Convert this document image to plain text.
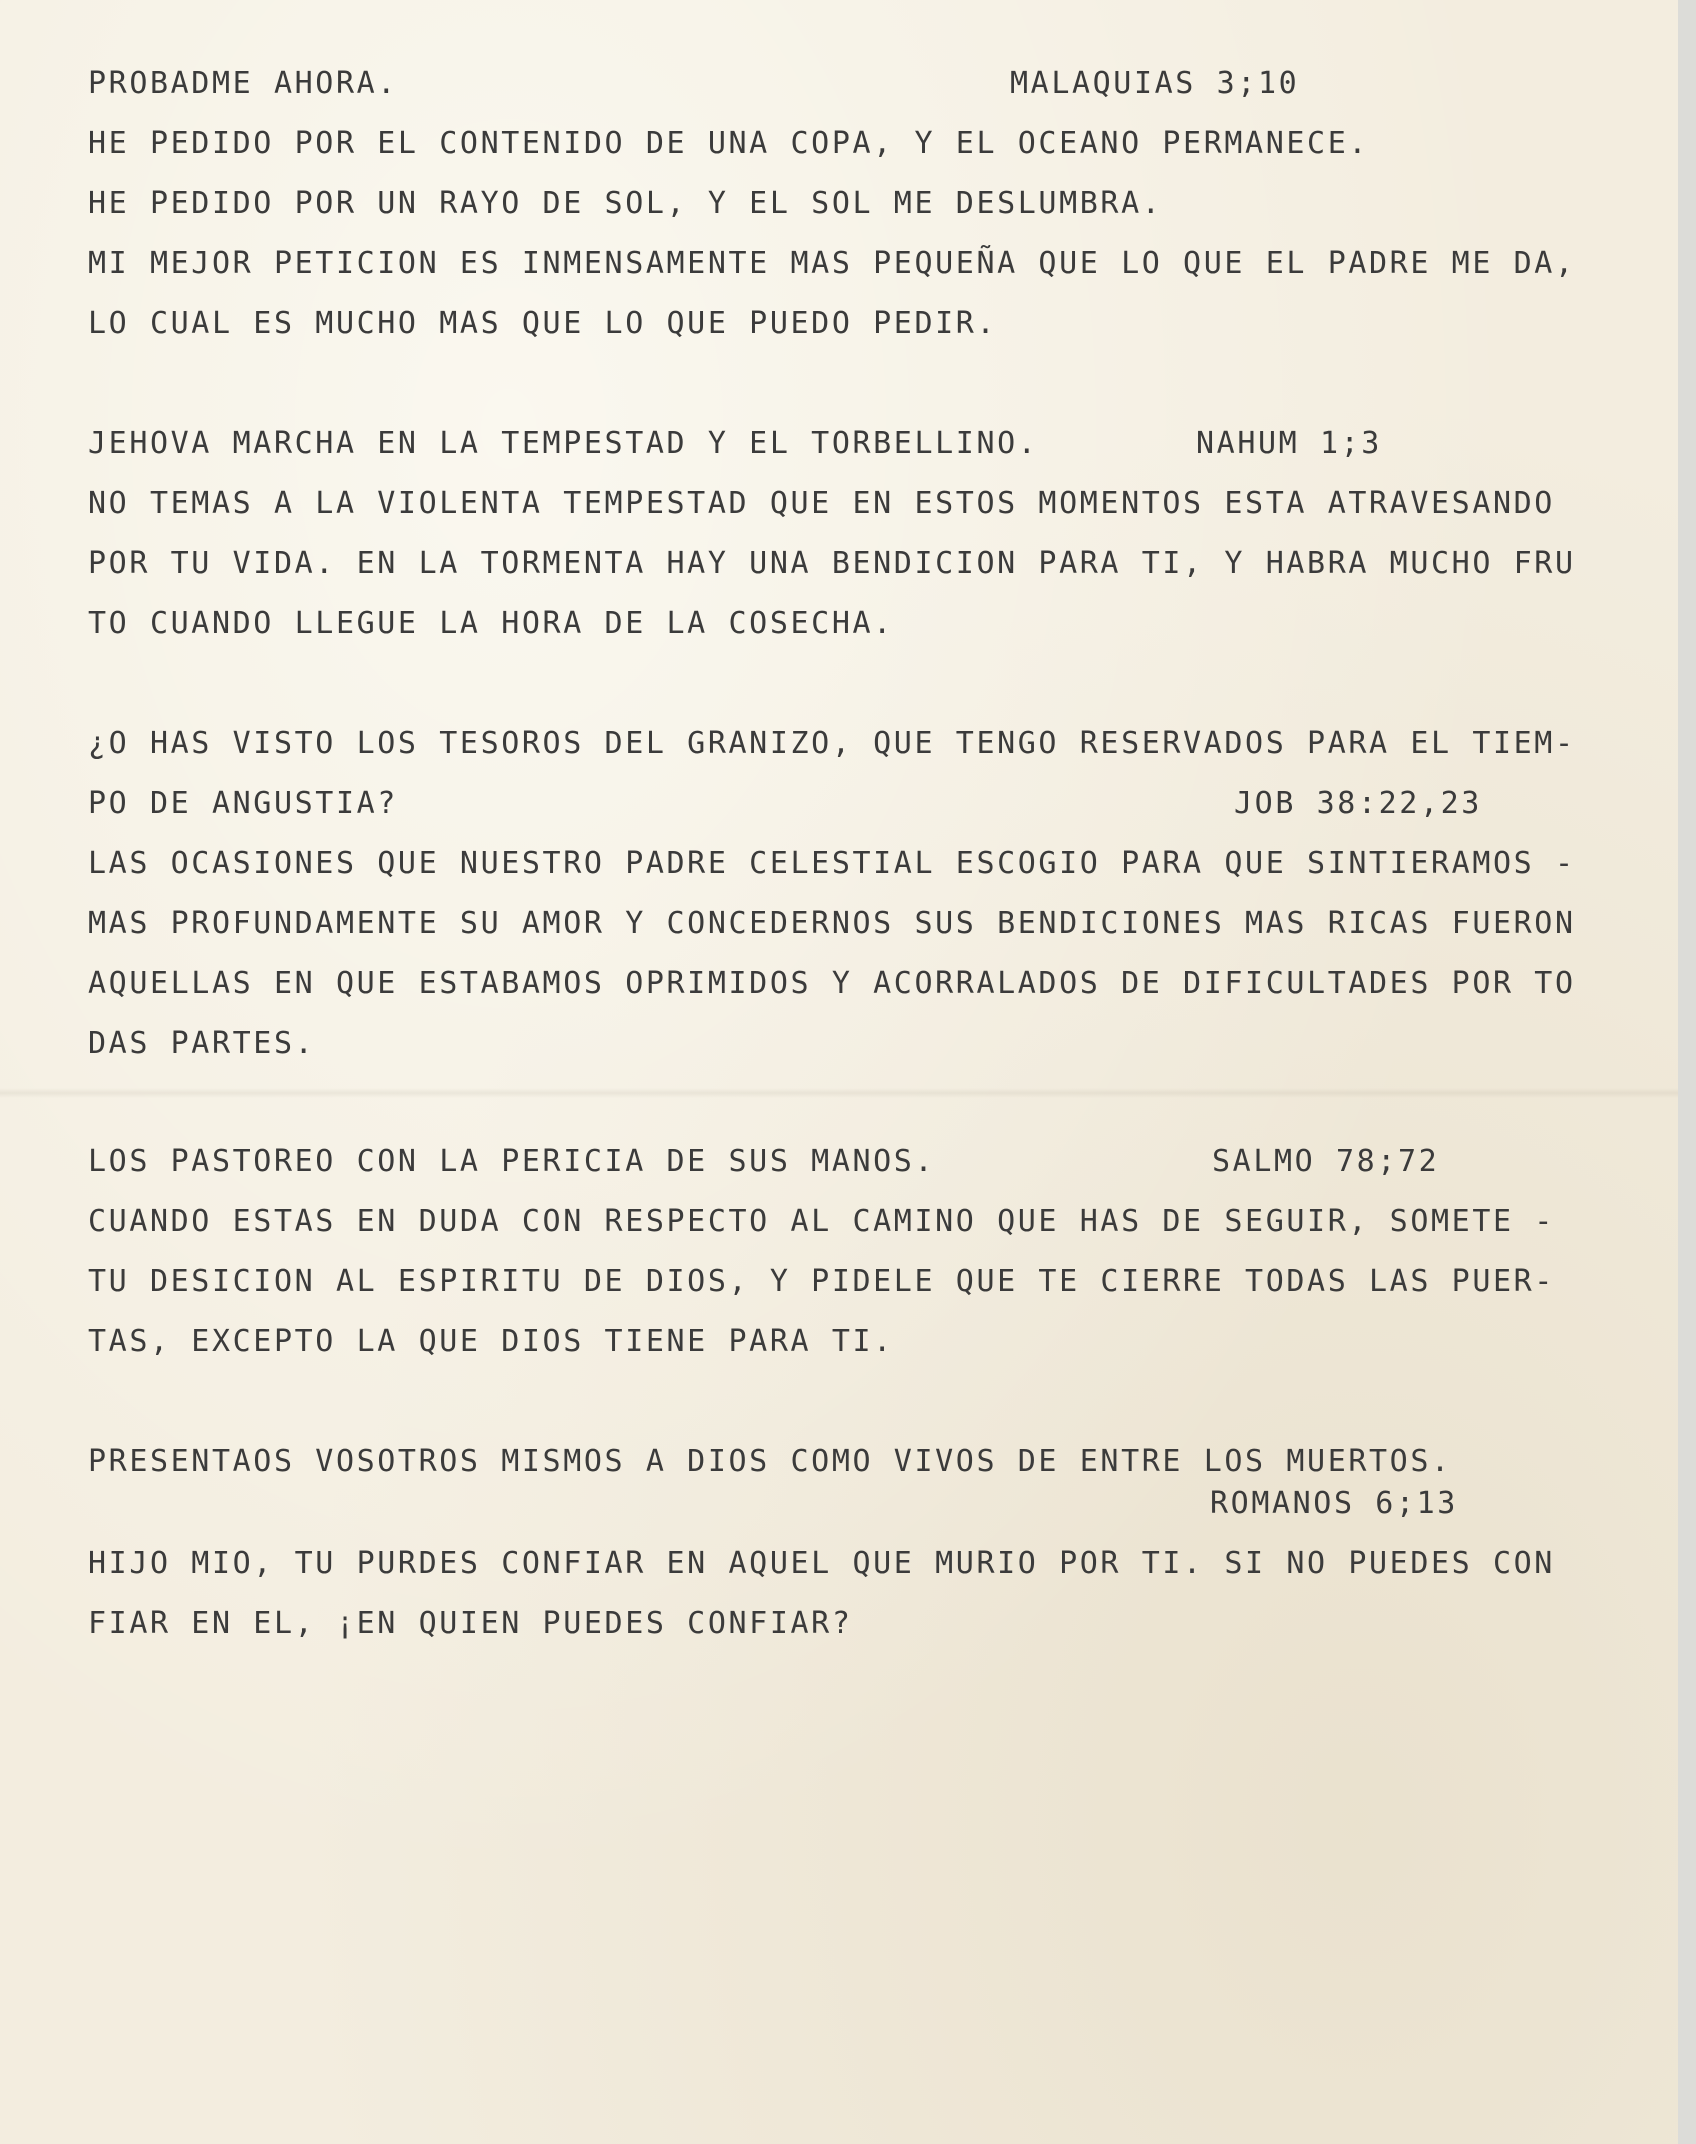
PROBADME AHORA.	MALAQUIAS 3;10

HE PEDIDO POR EL CONTENIDO DE UNA COPA, Y EL OCEANO PERMANECE.

HE PEDIDO POR UN RAYO DE SOL, Y EL SOL ME DESLUMBRA.

MI MEJOR PETICION ES INMENSAMENTE MAS PEQUEÑA QUE LO QUE EL PADRE ME DA,

LO CUAL ES MUCHO MAS QUE LO QUE PUEDO PEDIR.

JEHOVA MARCHA EN LA TEMPESTAD Y EL TORBELLINO.	NAHUM 1;3

NO TEMAS A LA VIOLENTA TEMPESTAD QUE EN ESTOS MOMENTOS ESTA ATRAVESANDO

POR TU VIDA. EN LA TORMENTA HAY UNA BENDICION PARA TI, Y HABRA MUCHO FRU

TO CUANDO LLEGUE LA HORA DE LA COSECHA.

¿O HAS VISTO LOS TESOROS DEL GRANIZO, QUE TENGO RESERVADOS PARA EL TIEM-

PO DE ANGUSTIA?	JOB 38:22,23

LAS OCASIONES QUE NUESTRO PADRE CELESTIAL ESCOGIO PARA QUE SINTIERAMOS -

MAS PROFUNDAMENTE SU AMOR Y CONCEDERNOS SUS BENDICIONES MAS RICAS FUERON

AQUELLAS EN QUE ESTABAMOS OPRIMIDOS Y ACORRALADOS DE DIFICULTADES POR TO

DAS PARTES.

LOS PASTOREO CON LA PERICIA DE SUS MANOS.	SALMO 78;72

CUANDO ESTAS EN DUDA CON RESPECTO AL CAMINO QUE HAS DE SEGUIR, SOMETE -

TU DESICION AL ESPIRITU DE DIOS, Y PIDELE QUE TE CIERRE TODAS LAS PUER-

TAS, EXCEPTO LA QUE DIOS TIENE PARA TI.

PRESENTAOS VOSOTROS MISMOS A DIOS COMO VIVOS DE ENTRE LOS MUERTOS.

ROMANOS 6;13

HIJO MIO, TU PURDES CONFIAR EN AQUEL QUE MURIO POR TI. SI NO PUEDES CON

FIAR EN EL, ¡EN QUIEN PUEDES CONFIAR?
